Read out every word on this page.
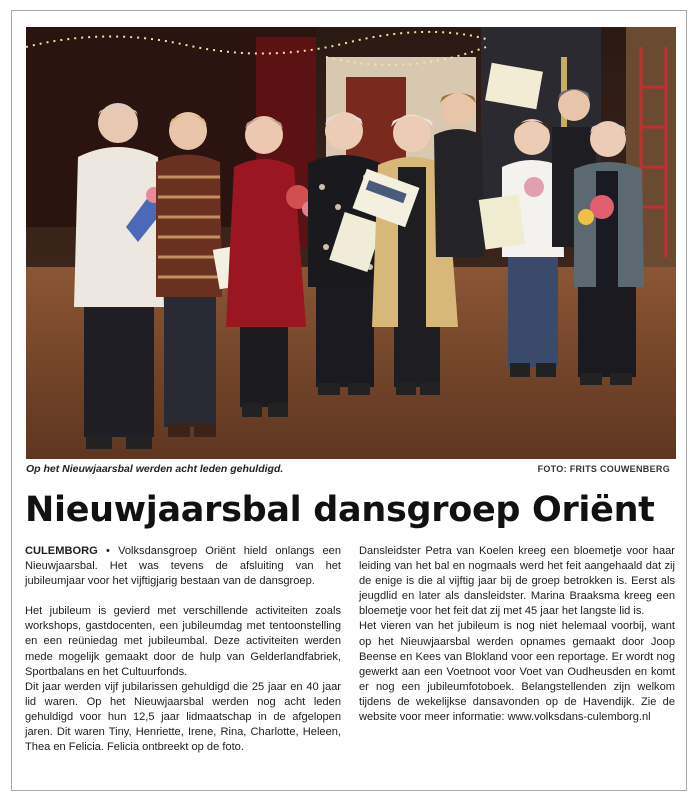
Op het Nieuwjaarsbal werden acht leden gehuldigd.	FOTO: FRITS COUWENBERG
Nieuwjaarsbal dansgroep Oriënt

CULEMBORG • Volksdansgroep Oriënt hield onlangs een Nieuwjaarsbal. Het was tevens de afsluiting van het jubileumjaar voor het vijftigjarig bestaan van de dansgroep.

Het jubileum is gevierd met verschillende activiteiten zoals workshops, gastdocenten, een jubileumdag met tentoonstelling en een reüniedag met jubileumbal. Deze activiteiten werden mede mogelijk gemaakt door de hulp van Gelderlandfabriek, Sportbalans en het Cultuurfonds.

Dit jaar werden vijf jubilarissen gehuldigd die 25 jaar en 40 jaar lid waren. Op het Nieuwjaarsbal werden nog acht leden gehuldigd voor hun 12,5 jaar lidmaatschap in de afgelopen jaren. Dit waren Tiny, Henriette, Irene, Rina, Charlotte, Heleen, Thea en Felicia. Felicia ontbreekt op de foto.

Dansleidster Petra van Koelen kreeg een bloemetje voor haar leiding van het bal en nogmaals werd het feit aangehaald dat zij de enige is die al vijftig jaar bij de groep betrokken is. Eerst als jeugdlid en later als dansleidster. Marina Braaksma kreeg een bloemetje voor het feit dat zij met 45 jaar het langste lid is.

Het vieren van het jubileum is nog niet helemaal voorbij, want op het Nieuwjaarsbal werden opnames gemaakt door Joop Beense en Kees van Blokland voor een reportage. Er wordt nog gewerkt aan een Voetnoot voor Voet van Oudheusden en komt er nog een jubileumfotoboek. Belangstellenden zijn welkom tijdens de wekelijkse dansavonden op de Havendijk. Zie de website voor meer informatie: www.volksdans-culemborg.nl
